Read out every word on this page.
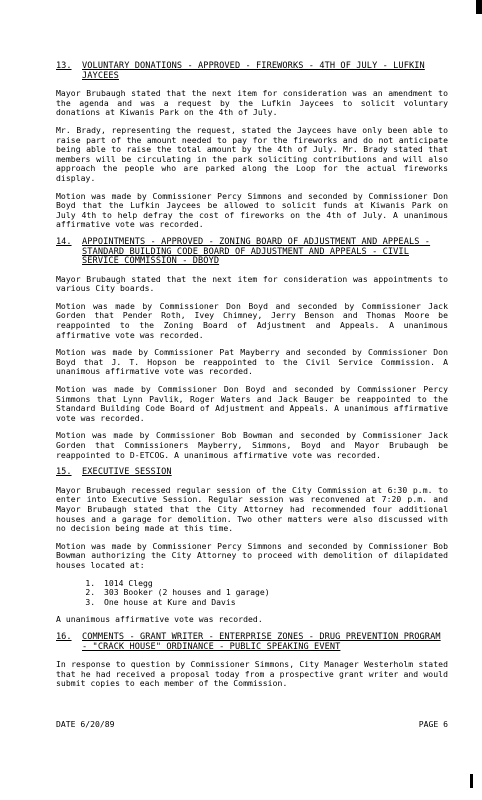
13.	VOLUNTARY DONATIONS - APPROVED - FIREWORKS - 4TH OF JULY - LUFKIN JAYCEES

Mayor Brubaugh stated that the next item for consideration was an amendment to the agenda and was a request by the Lufkin Jaycees to solicit voluntary donations at Kiwanis Park on the 4th of July.

Mr. Brady, representing the request, stated the Jaycees have only been able to raise part of the amount needed to pay for the fireworks and do not anticipate being able to raise the total amount by the 4th of July. Mr. Brady stated that members will be circulating in the park soliciting contributions and will also approach the people who are parked along the Loop for the actual fireworks display.

Motion was made by Commissioner Percy Simmons and seconded by Commissioner Don Boyd that the Lufkin Jaycees be allowed to solicit funds at Kiwanis Park on July 4th to help defray the cost of fireworks on the 4th of July. A unanimous affirmative vote was recorded.

14.	APPOINTMENTS - APPROVED - ZONING BOARD OF ADJUSTMENT AND APPEALS - STANDARD BUILDING CODE BOARD OF ADJUSTMENT AND APPEALS - CIVIL SERVICE COMMISSION - DBOYD

Mayor Brubaugh stated that the next item for consideration was appointments to various City boards.

Motion was made by Commissioner Don Boyd and seconded by Commissioner Jack Gorden that Pender Roth, Ivey Chimney, Jerry Benson and Thomas Moore be reappointed to the Zoning Board of Adjustment and Appeals. A unanimous affirmative vote was recorded.

Motion was made by Commissioner Pat Mayberry and seconded by Commissioner Don Boyd that J. T. Hopson be reappointed to the Civil Service Commission. A unanimous affirmative vote was recorded.

Motion was made by Commissioner Don Boyd and seconded by Commissioner Percy Simmons that Lynn Pavlik, Roger Waters and Jack Bauger be reappointed to the Standard Building Code Board of Adjustment and Appeals. A unanimous affirmative vote was recorded.

Motion was made by Commissioner Bob Bowman and seconded by Commissioner Jack Gorden that Commissioners Mayberry, Simmons, Boyd and Mayor Brubaugh be reappointed to D-ETCOG. A unanimous affirmative vote was recorded.

15.	EXECUTIVE SESSION

Mayor Brubaugh recessed regular session of the City Commission at 6:30 p.m. to enter into Executive Session. Regular session was reconvened at 7:20 p.m. and Mayor Brubaugh stated that the City Attorney had recommended four additional houses and a garage for demolition. Two other matters were also discussed with no decision being made at this time.

Motion was made by Commissioner Percy Simmons and seconded by Commissioner Bob Bowman authorizing the City Attorney to proceed with demolition of dilapidated houses located at:

1. 1014 Clegg
2. 303 Booker (2 houses and 1 garage)
3. One house at Kure and Davis

A unanimous affirmative vote was recorded.

16.	COMMENTS - GRANT WRITER - ENTERPRISE ZONES - DRUG PREVENTION PROGRAM - "CRACK HOUSE" ORDINANCE - PUBLIC SPEAKING EVENT

In response to question by Commissioner Simmons, City Manager Westerholm stated that he had received a proposal today from a prospective grant writer and would submit copies to each member of the Commission.

DATE 6/20/89	PAGE 6
